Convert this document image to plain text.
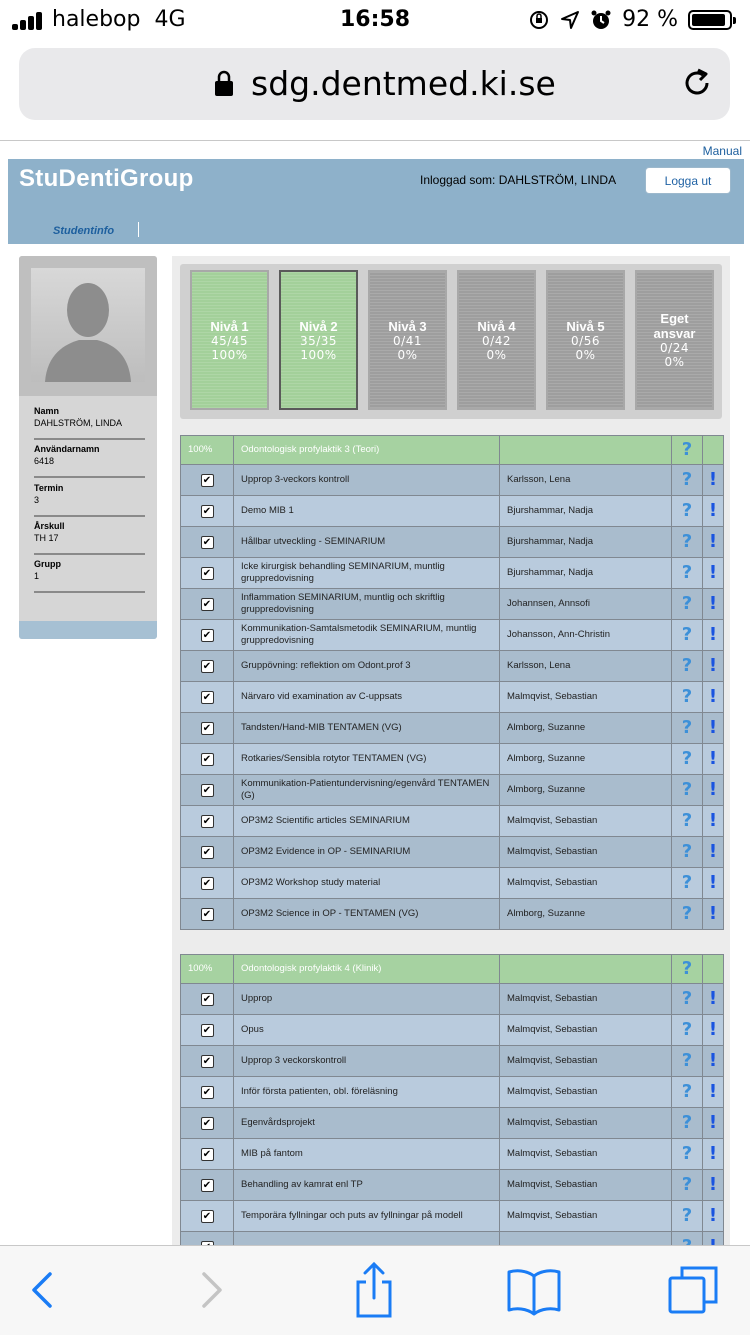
halebop 4G	16:58	92 %
sdg.dentmed.ki.se
Manual
StuDentiGroup	Inloggad som: DAHLSTRÖM, LINDA	Logga ut
Studentinfo
Namn
DAHLSTRÖM, LINDA
Användarnamn
6418
Termin
3
Årskull
TH 17
Grupp
1
Nivå 1
45/45
100%
Nivå 2
35/35
100%
Nivå 3
0/41
0%
Nivå 4
0/42
0%
Nivå 5
0/56
0%
Eget ansvar
0/24
0%
100%	Odontologisk profylaktik 3 (Teori)		?	
✔	Upprop 3-veckors kontroll	Karlsson, Lena	?	!
✔	Demo MIB 1	Bjurshammar, Nadja	?	!
✔	Hållbar utveckling - SEMINARIUM	Bjurshammar, Nadja	?	!
✔	Icke kirurgisk behandling SEMINARIUM, muntlig gruppredovisning	Bjurshammar, Nadja	?	!
✔	Inflammation SEMINARIUM, muntlig och skriftlig gruppredovisning	Johannsen, Annsofi	?	!
✔	Kommunikation-Samtalsmetodik SEMINARIUM, muntlig gruppredovisning	Johansson, Ann-Christin	?	!
✔	Gruppövning: reflektion om Odont.prof 3	Karlsson, Lena	?	!
✔	Närvaro vid examination av C-uppsats	Malmqvist, Sebastian	?	!
✔	Tandsten/Hand-MIB TENTAMEN (VG)	Almborg, Suzanne	?	!
✔	Rotkaries/Sensibla rotytor TENTAMEN (VG)	Almborg, Suzanne	?	!
✔	Kommunikation-Patientundervisning/egenvård TENTAMEN (G)	Almborg, Suzanne	?	!
✔	OP3M2 Scientific articles SEMINARIUM	Malmqvist, Sebastian	?	!
✔	OP3M2 Evidence in OP - SEMINARIUM	Malmqvist, Sebastian	?	!
✔	OP3M2 Workshop study material	Malmqvist, Sebastian	?	!
✔	OP3M2 Science in OP - TENTAMEN (VG)	Almborg, Suzanne	?	!
100%	Odontologisk profylaktik 4 (Klinik)		?	
✔	Upprop	Malmqvist, Sebastian	?	!
✔	Opus	Malmqvist, Sebastian	?	!
✔	Upprop 3 veckorskontroll	Malmqvist, Sebastian	?	!
✔	Inför första patienten, obl. föreläsning	Malmqvist, Sebastian	?	!
✔	Egenvårdsprojekt	Malmqvist, Sebastian	?	!
✔	MIB på fantom	Malmqvist, Sebastian	?	!
✔	Behandling av kamrat enl TP	Malmqvist, Sebastian	?	!
✔	Temporära fyllningar och puts av fyllningar på modell	Malmqvist, Sebastian	?	!
